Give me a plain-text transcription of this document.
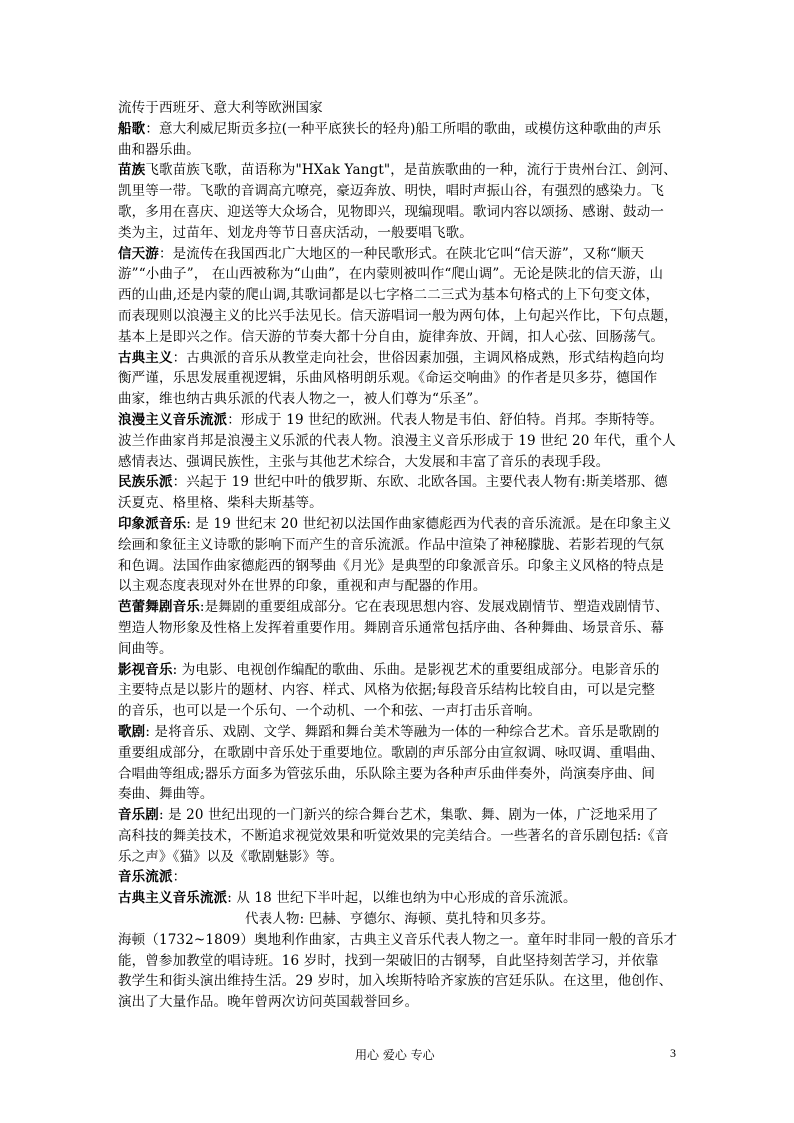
流传于西班牙、意大利等欧洲国家
船歌：意大利威尼斯贡多拉(一种平底狭长的轻舟)船工所唱的歌曲，或模仿这种歌曲的声乐
曲和器乐曲。
苗族飞歌苗族飞歌，苗语称为"HXak Yangt"，是苗族歌曲的一种，流行于贵州台江、剑河、
凯里等一带。飞歌的音调高亢嘹亮，豪迈奔放、明快，唱时声振山谷，有强烈的感染力。飞
歌，多用在喜庆、迎送等大众场合，见物即兴，现编现唱。歌词内容以颂扬、感谢、鼓动一
类为主，过苗年、划龙舟等节日喜庆活动，一般要唱飞歌。
信天游：是流传在我国西北广大地区的一种民歌形式。在陕北它叫“信天游”，又称“顺天
游”“小曲子”， 在山西被称为“山曲”，在内蒙则被叫作“爬山调”。无论是陕北的信天游，山
西的山曲,还是内蒙的爬山调,其歌词都是以七字格二二三式为基本句格式的上下句变文体，
而表现则以浪漫主义的比兴手法见长。信天游唱词一般为两句体，上句起兴作比，下句点题，
基本上是即兴之作。信天游的节奏大都十分自由，旋律奔放、开阔，扣人心弦、回肠荡气。
古典主义：古典派的音乐从教堂走向社会，世俗因素加强，主调风格成熟，形式结构趋向均
衡严谨，乐思发展重视逻辑，乐曲风格明朗乐观。《命运交响曲》的作者是贝多芬，德国作
曲家，维也纳古典乐派的代表人物之一，被人们尊为“乐圣”。
浪漫主义音乐流派：形成于 19 世纪的欧洲。代表人物是韦伯、舒伯特。肖邦。李斯特等。
波兰作曲家肖邦是浪漫主义乐派的代表人物。浪漫主义音乐形成于 19 世纪 20 年代，重个人
感情表达、强调民族性，主张与其他艺术综合，大发展和丰富了音乐的表现手段。
民族乐派：兴起于 19 世纪中叶的俄罗斯、东欧、北欧各国。主要代表人物有:斯美塔那、德
沃夏克、格里格、柴科夫斯基等。
印象派音乐: 是 19 世纪末 20 世纪初以法国作曲家德彪西为代表的音乐流派。是在印象主义
绘画和象征主义诗歌的影响下而产生的音乐流派。作品中渲染了神秘朦胧、若影若现的气氛
和色调。法国作曲家德彪西的钢琴曲《月光》是典型的印象派音乐。印象主义风格的特点是
以主观态度表现对外在世界的印象，重视和声与配器的作用。
芭蕾舞剧音乐:是舞剧的重要组成部分。它在表现思想内容、发展戏剧情节、塑造戏剧情节、
塑造人物形象及性格上发挥着重要作用。舞剧音乐通常包括序曲、各种舞曲、场景音乐、幕
间曲等。
影视音乐: 为电影、电视创作编配的歌曲、乐曲。是影视艺术的重要组成部分。电影音乐的
主要特点是以影片的题材、内容、样式、风格为依据;每段音乐结构比较自由，可以是完整
的音乐，也可以是一个乐句、一个动机、一个和弦、一声打击乐音响。
歌剧: 是将音乐、戏剧、文学、舞蹈和舞台美术等融为一体的一种综合艺术。音乐是歌剧的
重要组成部分，在歌剧中音乐处于重要地位。歌剧的声乐部分由宣叙调、咏叹调、重唱曲、
合唱曲等组成;器乐方面多为管弦乐曲，乐队除主要为各种声乐曲伴奏外，尚演奏序曲、间
奏曲、舞曲等。
音乐剧: 是 20 世纪出现的一门新兴的综合舞台艺术，集歌、舞、剧为一体，广泛地采用了
高科技的舞美技术，不断追求视觉效果和听觉效果的完美结合。一些著名的音乐剧包括:《音
乐之声》《猫》以及《歌剧魅影》等。
音乐流派：
古典主义音乐流派: 从 18 世纪下半叶起，以维也纳为中心形成的音乐流派。
代表人物: 巴赫、亨德尔、海顿、莫扎特和贝多芬。
海顿（1732~1809）奥地利作曲家，古典主义音乐代表人物之一。童年时非同一般的音乐才
能，曾参加教堂的唱诗班。16 岁时，找到一架破旧的古钢琴，自此坚持刻苦学习，并依靠
教学生和街头演出维持生活。29 岁时，加入埃斯特哈齐家族的宫廷乐队。在这里，他创作、
演出了大量作品。晚年曾两次访问英国载誉回乡。
用心 爱心 专心	3
